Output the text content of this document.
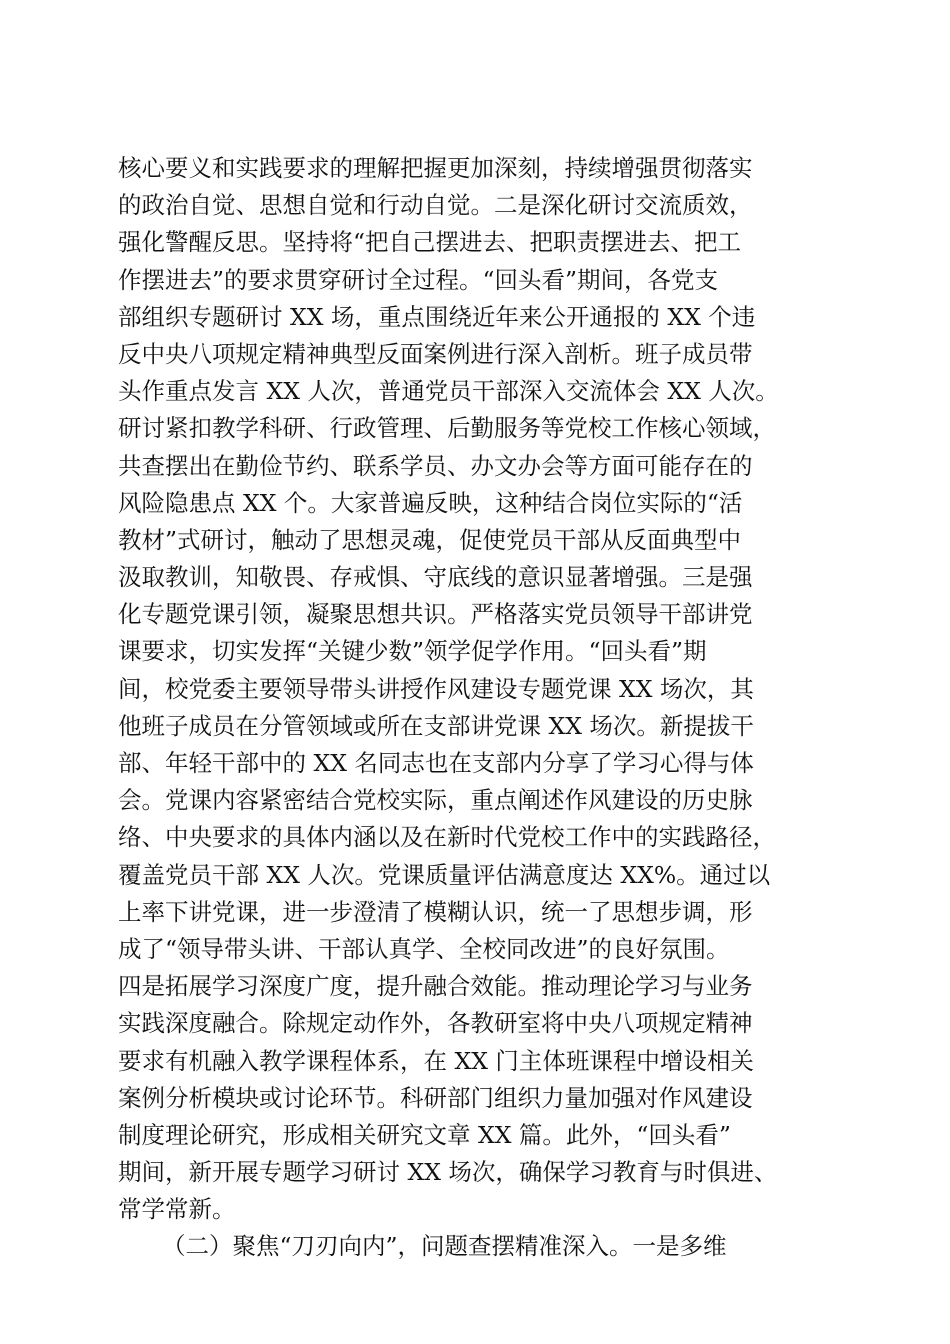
核心要义和实践要求的理解把握更加深刻，持续增强贯彻落实
的政治自觉、思想自觉和行动自觉。二是深化研讨交流质效，
强化警醒反思。坚持将“把自己摆进去、把职责摆进去、把工
作摆进去”的要求贯穿研讨全过程。“回头看”期间，各党支
部组织专题研讨 XX 场，重点围绕近年来公开通报的 XX 个违
反中央八项规定精神典型反面案例进行深入剖析。班子成员带
头作重点发言 XX 人次，普通党员干部深入交流体会 XX 人次。
研讨紧扣教学科研、行政管理、后勤服务等党校工作核心领域，
共查摆出在勤俭节约、联系学员、办文办会等方面可能存在的
风险隐患点 XX 个。大家普遍反映，这种结合岗位实际的“活
教材”式研讨，触动了思想灵魂，促使党员干部从反面典型中
汲取教训，知敬畏、存戒惧、守底线的意识显著增强。三是强
化专题党课引领，凝聚思想共识。严格落实党员领导干部讲党
课要求，切实发挥“关键少数”领学促学作用。“回头看”期
间，校党委主要领导带头讲授作风建设专题党课 XX 场次，其
他班子成员在分管领域或所在支部讲党课 XX 场次。新提拔干
部、年轻干部中的 XX 名同志也在支部内分享了学习心得与体
会。党课内容紧密结合党校实际，重点阐述作风建设的历史脉
络、中央要求的具体内涵以及在新时代党校工作中的实践路径，
覆盖党员干部 XX 人次。党课质量评估满意度达 XX%。通过以
上率下讲党课，进一步澄清了模糊认识，统一了思想步调，形
成了“领导带头讲、干部认真学、全校同改进”的良好氛围。
四是拓展学习深度广度，提升融合效能。推动理论学习与业务
实践深度融合。除规定动作外，各教研室将中央八项规定精神
要求有机融入教学课程体系，在 XX 门主体班课程中增设相关
案例分析模块或讨论环节。科研部门组织力量加强对作风建设
制度理论研究，形成相关研究文章 XX 篇。此外，“回头看”
期间，新开展专题学习研讨 XX 场次，确保学习教育与时俱进、
常学常新。
（二）聚焦“刀刃向内”，问题查摆精准深入。一是多维
